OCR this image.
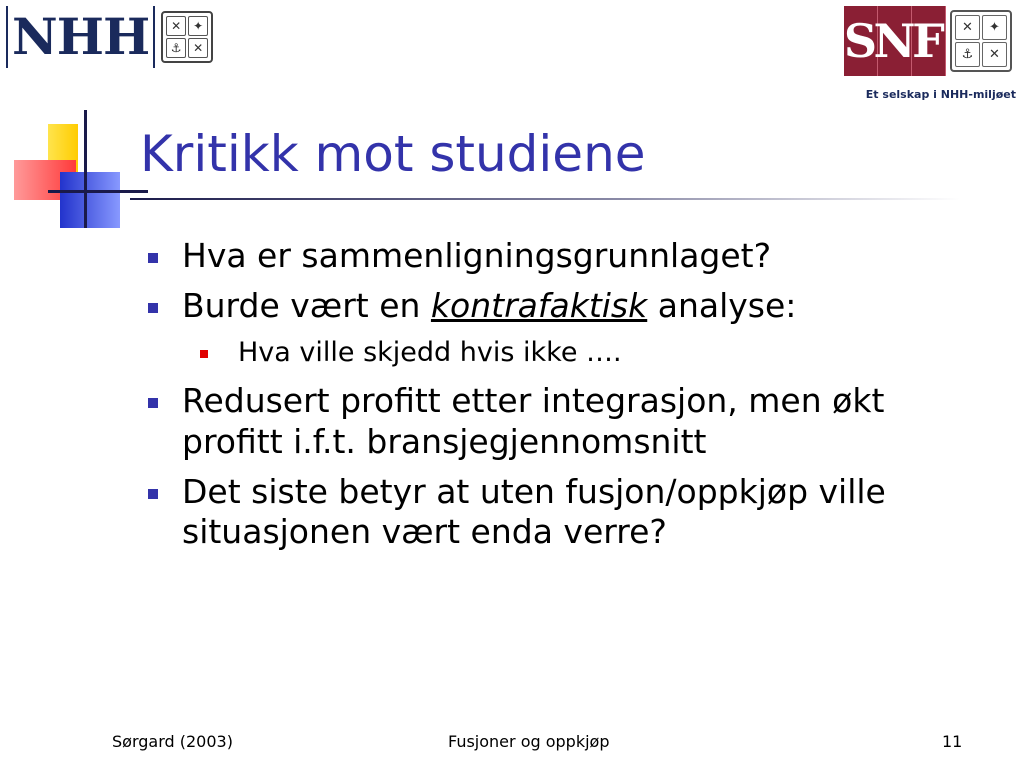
NHH	✕ ✦
⚓ ✕	S
N
F	✕	✦
⚓	✕
Et selskap i NHH-miljøet
Kritikk mot studiene
Hva er sammenligningsgrunnlaget?
Burde vært en kontrafaktisk analyse:
Hva ville skjedd hvis ikke ….
Redusert profitt etter integrasjon, men økt profitt i.f.t. bransjegjennomsnitt
Det siste betyr at uten fusjon/oppkjøp ville situasjonen vært enda verre?
Sørgard (2003)	Fusjoner og oppkjøp	11
